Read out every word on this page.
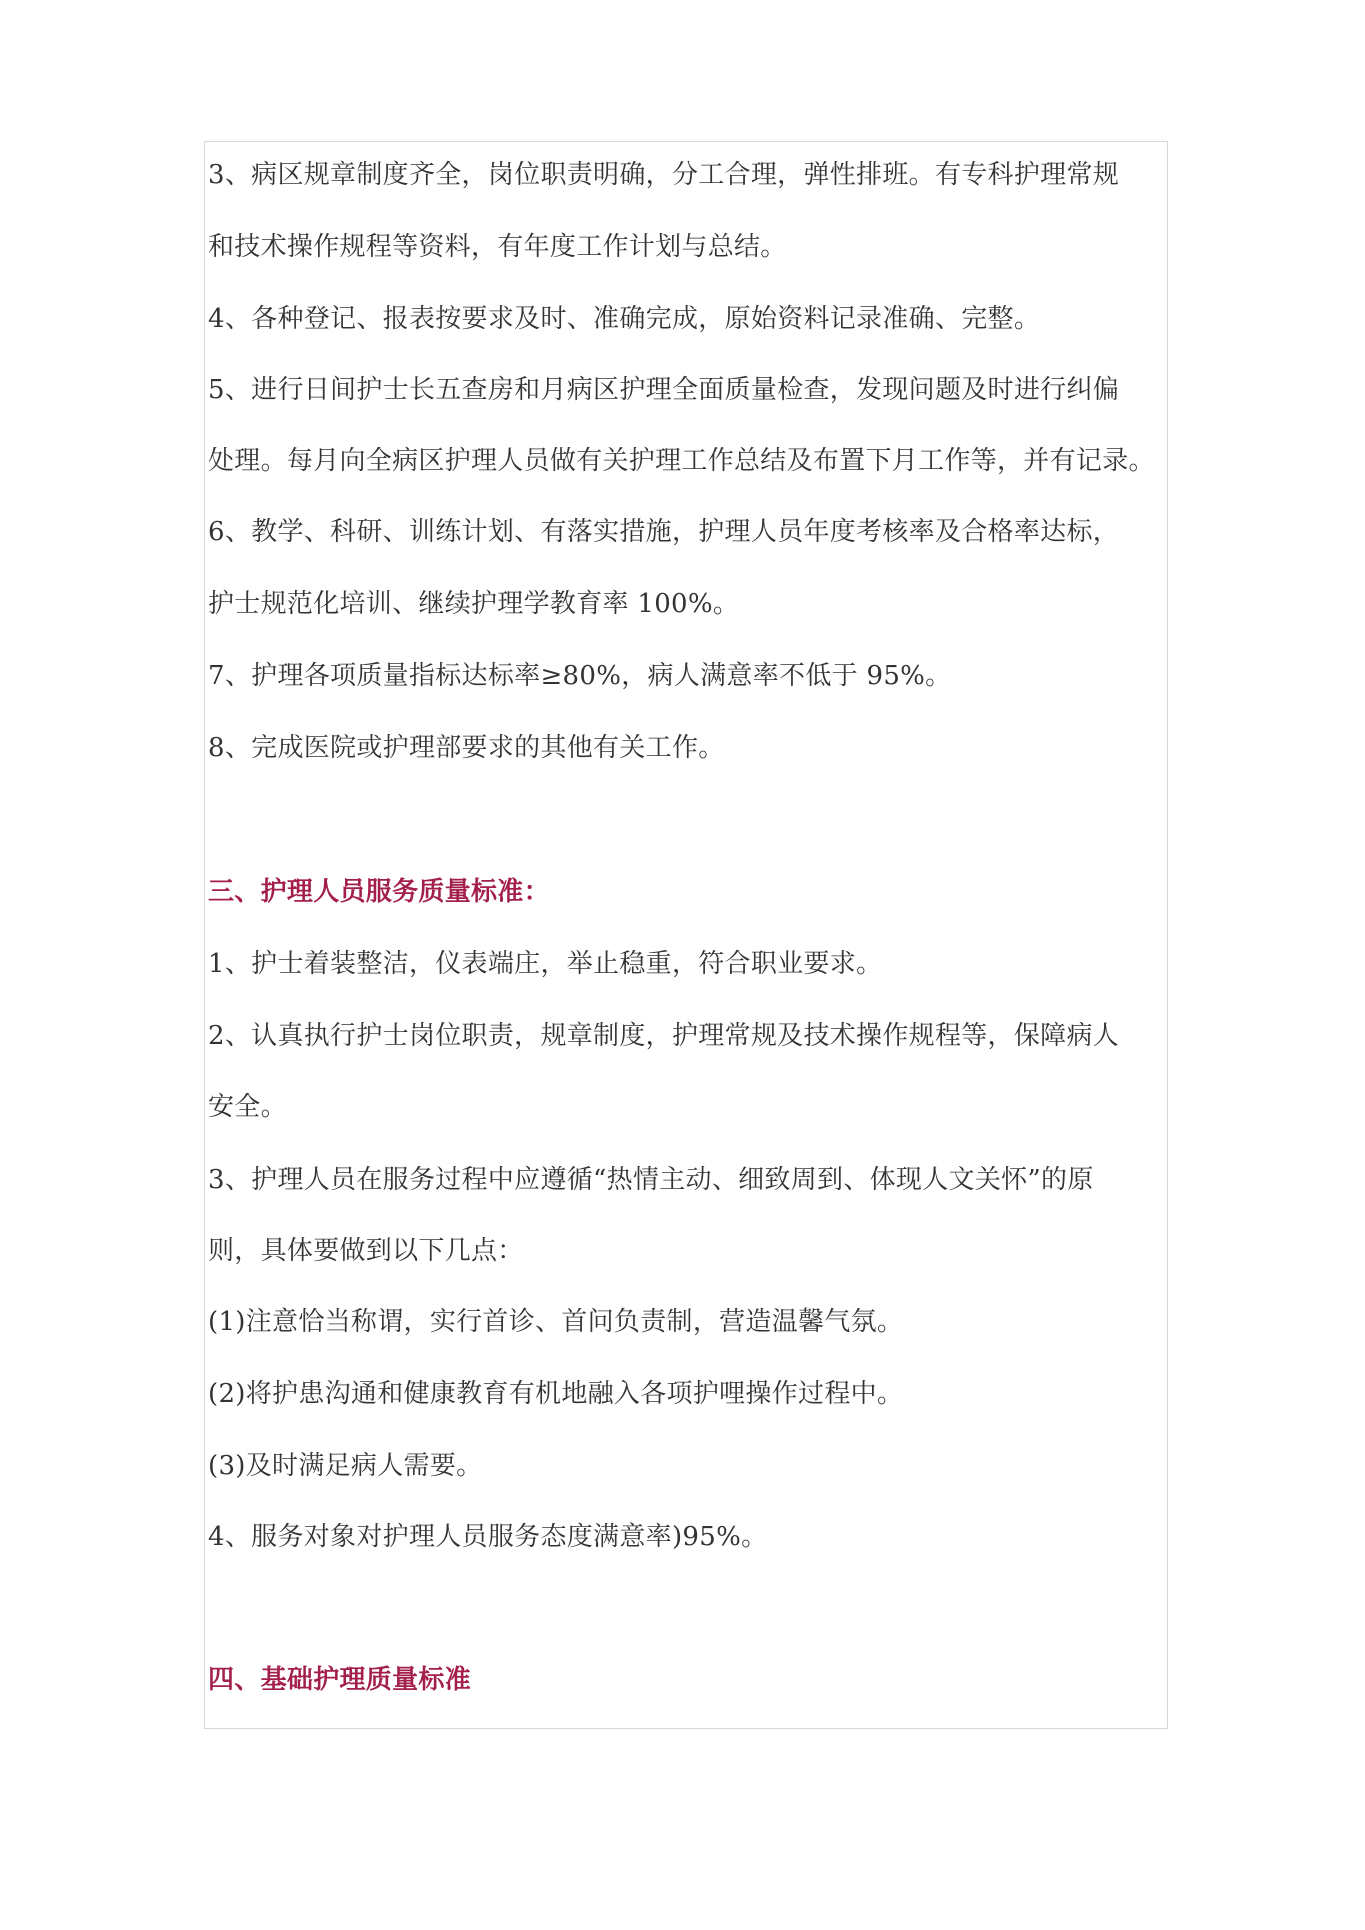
3、病区规章制度齐全，岗位职责明确，分工合理，弹性排班。有专科护理常规
和技术操作规程等资料，有年度工作计划与总结。
4、各种登记、报表按要求及时、准确完成，原始资料记录准确、完整。
5、进行日间护士长五查房和月病区护理全面质量检查，发现问题及时进行纠偏
处理。每月向全病区护理人员做有关护理工作总结及布置下月工作等，并有记录。
6、教学、科研、训练计划、有落实措施，护理人员年度考核率及合格率达标，
护士规范化培训、继续护理学教育率 100%。
7、护理各项质量指标达标率≥80%，病人满意率不低于 95%。
8、完成医院或护理部要求的其他有关工作。
三、护理人员服务质量标准：
1、护士着装整洁，仪表端庄，举止稳重，符合职业要求。
2、认真执行护士岗位职责，规章制度，护理常规及技术操作规程等，保障病人
安全。
3、护理人员在服务过程中应遵循“热情主动、细致周到、体现人文关怀”的原
则，具体要做到以下几点：
(1)注意恰当称谓，实行首诊、首问负责制，营造温馨气氛。
(2)将护患沟通和健康教育有机地融入各项护哩操作过程中。
(3)及时满足病人需要。
4、服务对象对护理人员服务态度满意率)95%。
四、基础护理质量标准
